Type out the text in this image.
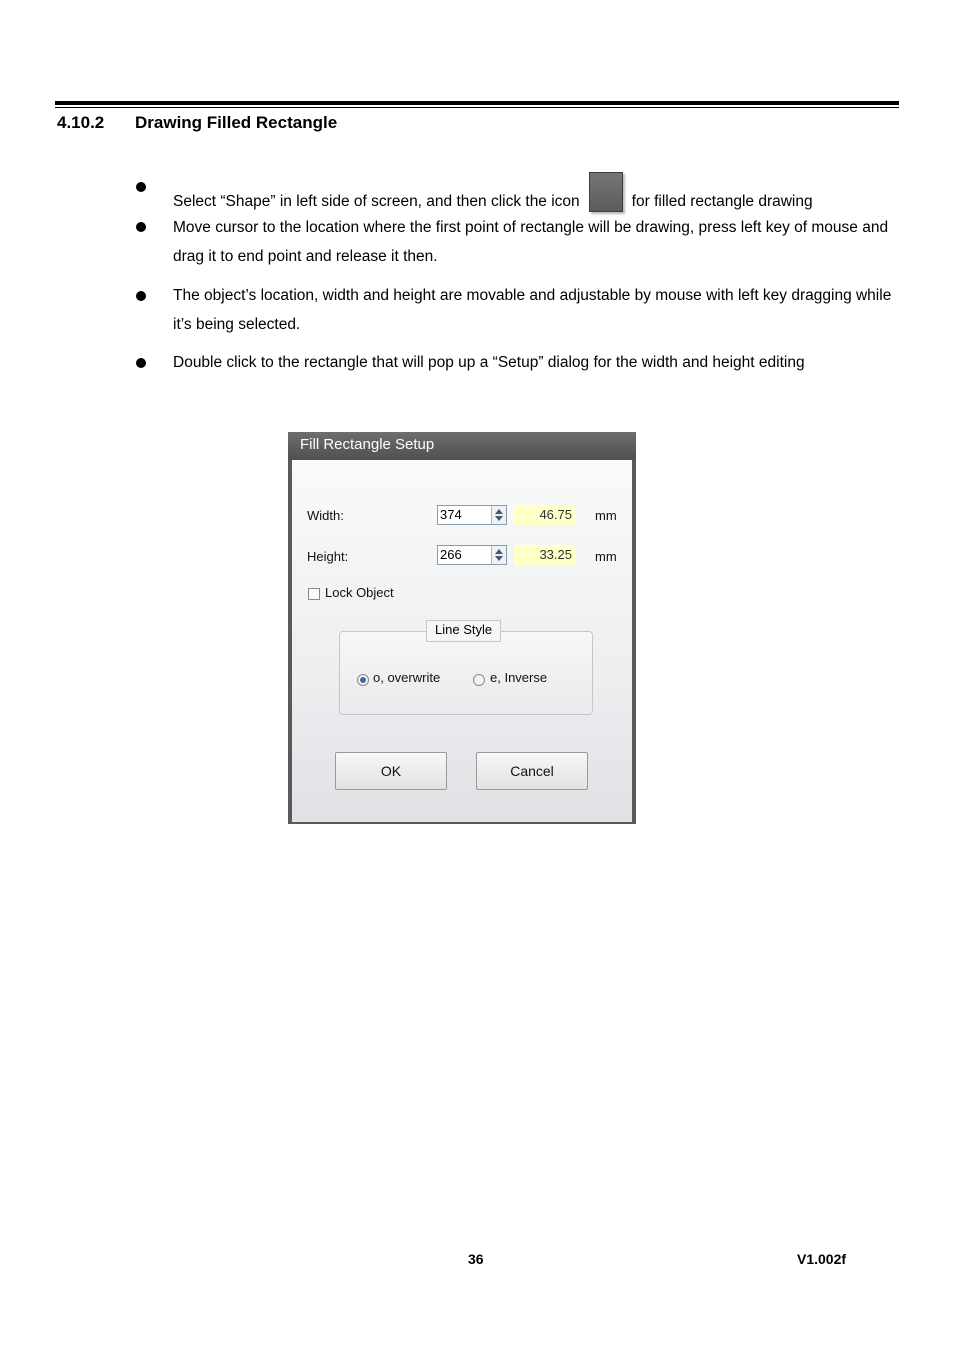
4.10.2 Drawing Filled Rectangle
Select “Shape” in left side of screen, and then click the icon	for filled rectangle drawing
Move cursor to the location where the first point of rectangle will be drawing, press left key of mouse and drag it to end point and release it then.
The object’s location, width and height are movable and adjustable by mouse with left key dragging while it’s being selected.
Double click to the rectangle that will pop up a “Setup” dialog for the width and height editing
Fill Rectangle Setup
Width:	374	46.75	mm
Height:	266	33.25	mm
Lock Object
Line Style
o, overwrite	e, Inverse
OK	Cancel
36	V1.002f
